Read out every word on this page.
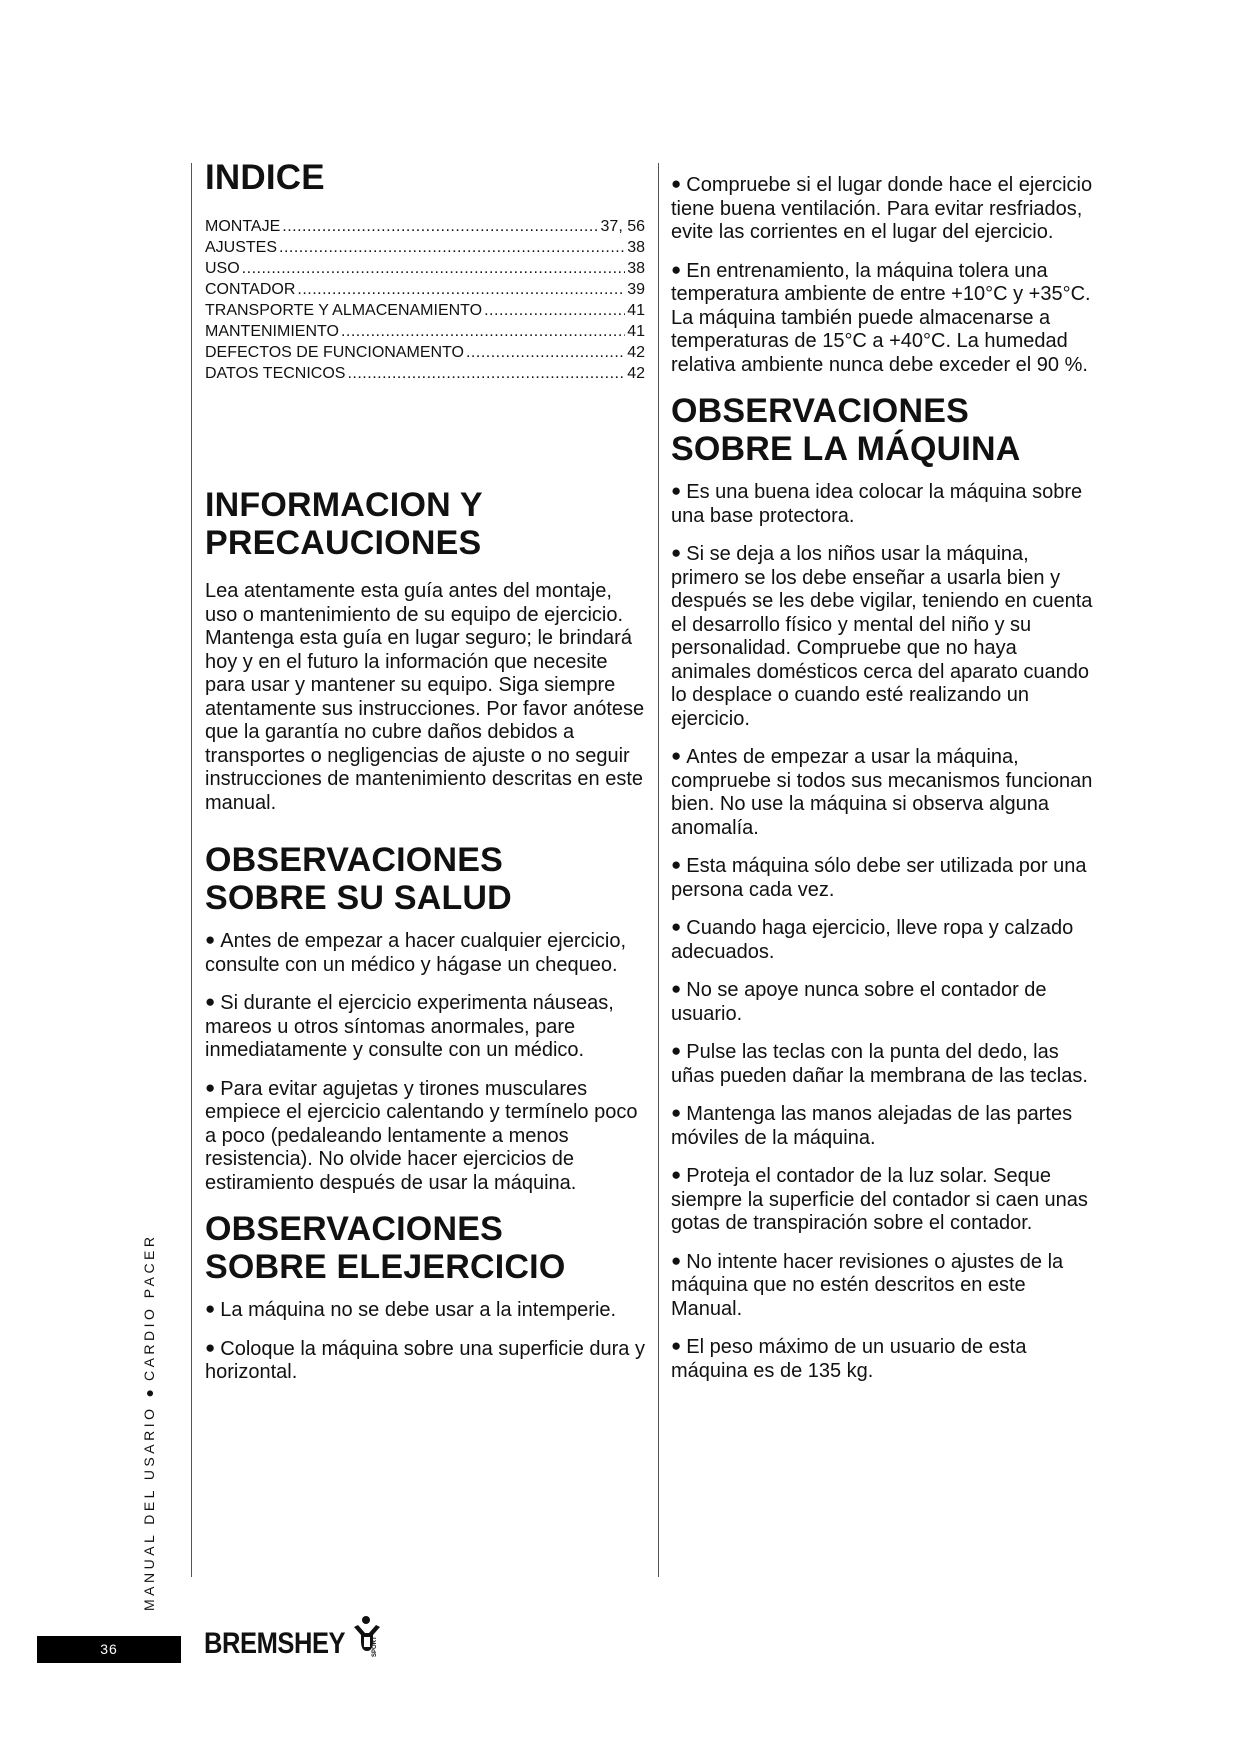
INDICE
MONTAJE .....	37, 56
AJUSTES .....	38
USO .....	38
CONTADOR .....	39
TRANSPORTE Y ALMACENAMIENTO .....	41
MANTENIMIENTO .....	41
DEFECTOS DE FUNCIONAMENTO .....	42
DATOS TECNICOS .....	42
INFORMACION Y
PRECAUCIONES

Lea atentamente esta guía antes del montaje, uso o mantenimiento de su equipo de ejercicio. Mantenga esta guía en lugar seguro; le brindará hoy y en el futuro la información que necesite para usar y mantener su equipo. Siga siempre atentamente sus instrucciones. Por favor anótese que la garantía no cubre daños debidos a transportes o negligencias de ajuste o no seguir instrucciones de mantenimiento descritas en este manual.

OBSERVACIONES
SOBRE SU SALUD

● Antes de empezar a hacer cualquier ejercicio, consulte con un médico y hágase un chequeo.

● Si durante el ejercicio experimenta náuseas, mareos u otros síntomas anormales, pare inmediatamente y consulte con un médico.

● Para evitar agujetas y tirones musculares empiece el ejercicio calentando y termínelo poco a poco (pedaleando lentamente a menos resistencia). No olvide hacer ejercicios de estiramiento después de usar la máquina.

OBSERVACIONES
SOBRE ELEJERCICIO

● La máquina no se debe usar a la intemperie.

● Coloque la máquina sobre una superficie dura y horizontal.

● Compruebe si el lugar donde hace el ejercicio tiene buena ventilación. Para evitar resfriados, evite las corrientes en el lugar del ejercicio.

● En entrenamiento, la máquina tolera una temperatura ambiente de entre +10°C y +35°C. La máquina también puede almacenarse a temperaturas de 15°C a +40°C. La humedad relativa ambiente nunca debe exceder el 90 %.

OBSERVACIONES
SOBRE LA MÁQUINA

● Es una buena idea colocar la máquina sobre una base protectora.

● Si se deja a los niños usar la máquina, primero se los debe enseñar a usarla bien y después se les debe vigilar, teniendo en cuenta el desarrollo físico y mental del niño y su personalidad. Compruebe que no haya animales domésticos cerca del aparato cuando lo desplace o cuando esté realizando un ejercicio.

● Antes de empezar a usar la máquina, compruebe si todos sus mecanismos funcionan bien. No use la máquina si observa alguna anomalía.

● Esta máquina sólo debe ser utilizada por una persona cada vez.

● Cuando haga ejercicio, lleve ropa y calzado adecuados.

● No se apoye nunca sobre el contador de usuario.

● Pulse las teclas con la punta del dedo, las uñas pueden dañar la membrana de las teclas.

● Mantenga las manos alejadas de las partes móviles de la máquina.

● Proteja el contador de la luz solar. Seque siempre la superficie del contador si caen unas gotas de transpiración sobre el contador.

● No intente hacer revisiones o ajustes de la máquina que no estén descritos en este Manual.

● El peso máximo de un usuario de esta máquina es de 135 kg.

MANUAL DEL USARIO●CARDIO PACER
36	BREMSHEY	SPORT
